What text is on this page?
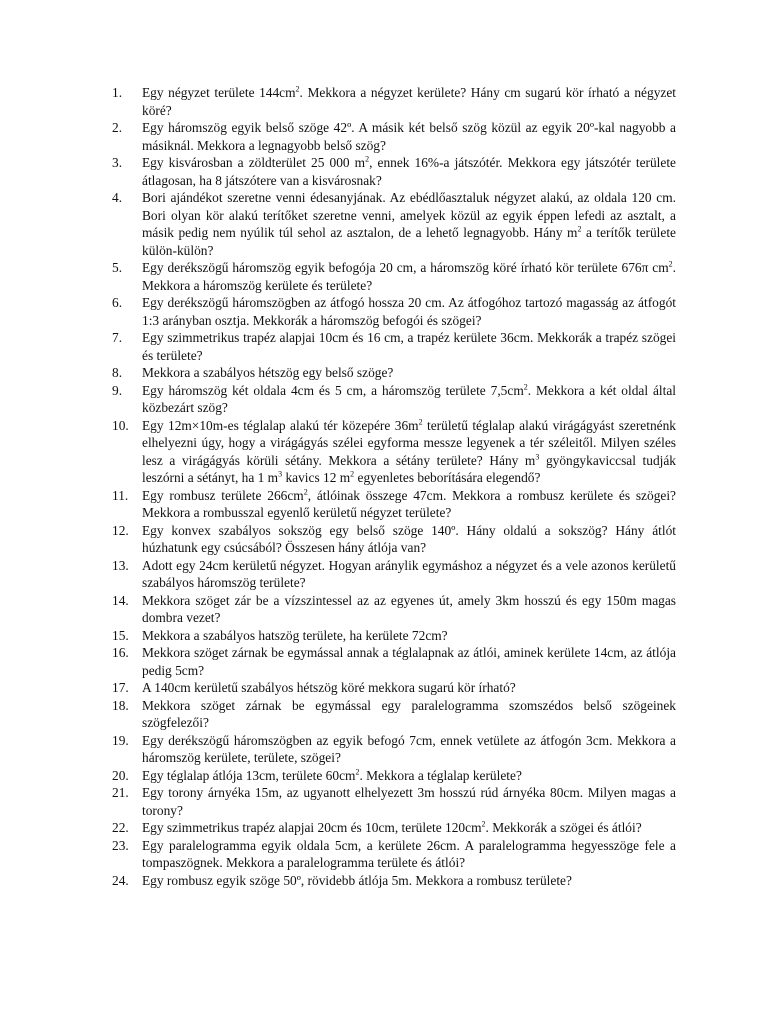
1.	Egy négyzet területe $144cm^2$. Mekkora a négyzet kerülete? Hány cm sugarú kör írható a négyzet köré?
2.	Egy háromszög egyik belső szöge 42º. A másik két belső szög közül az egyik 20º-kal nagyobb a másiknál. Mekkora a legnagyobb belső szög?
3.	Egy kisvárosban a zöldterület 25 000 $m^2$, ennek 16%-a játszótér. Mekkora egy játszótér területe átlagosan, ha 8 játszótere van a kisvárosnak?
4.	Bori ajándékot szeretne venni édesanyjának. Az ebédlőasztaluk négyzet alakú, az oldala 120 cm. Bori olyan kör alakú terítőket szeretne venni, amelyek közül az egyik éppen lefedi az asztalt, a másik pedig nem nyúlik túl sehol az asztalon, de a lehető legnagyobb. Hány $m^2$ a terítők területe külön-külön?
5.	Egy derékszögű háromszög egyik befogója 20 cm, a háromszög köré írható kör területe 676π $cm^2$. Mekkora a háromszög kerülete és területe?
6.	Egy derékszögű háromszögben az átfogó hossza 20 cm. Az átfogóhoz tartozó magasság az átfogót 1:3 arányban osztja. Mekkorák a háromszög befogói és szögei?
7.	Egy szimmetrikus trapéz alapjai 10cm és 16 cm, a trapéz kerülete 36cm. Mekkorák a trapéz szögei és területe?
8.	Mekkora a szabályos hétszög egy belső szöge?
9.	Egy háromszög két oldala 4cm és 5 cm, a háromszög területe $7,5cm^2$. Mekkora a két oldal által közbezárt szög?
10. Egy 12m×10m-es téglalap alakú tér közepére $36m^2$ területű téglalap alakú virágágyást szeretnénk elhelyezni úgy, hogy a virágágyás szélei egyforma messze legyenek a tér széleitől. Milyen széles lesz a virágágyás körüli sétány. Mekkora a sétány területe? Hány $m^3$ gyöngykaviccsal tudják leszórni a sétányt, ha 1 $m^3$ kavics 12 $m^2$ egyenletes beborítására elegendő?
11.	Egy rombusz területe $266cm^2$, átlóinak összege 47cm. Mekkora a rombusz kerülete és szögei? Mekkora a rombusszal egyenlő kerületű négyzet területe?
12. Egy konvex szabályos sokszög egy belső szöge 140º. Hány oldalú a sokszög? Hány átlót húzhatunk egy csúcsából? Összesen hány átlója van?
13. Adott egy 24cm kerületű négyzet. Hogyan aránylik egymáshoz a négyzet és a vele azonos kerületű szabályos háromszög területe?
14. Mekkora szöget zár be a vízszintessel az az egyenes út, amely 3km hosszú és egy 150m magas dombra vezet?
15. Mekkora a szabályos hatszög területe, ha kerülete 72cm?
16. Mekkora szöget zárnak be egymással annak a téglalapnak az átlói, aminek kerülete 14cm, az átlója pedig 5cm?
17. A 140cm kerületű szabályos hétszög köré mekkora sugarú kör írható?
18. Mekkora szöget zárnak be egymással egy paralelogramma szomszédos belső szögeinek szögfelezői?
19. Egy derékszögű háromszögben az egyik befogó 7cm, ennek vetülete az átfogón 3cm. Mekkora a háromszög kerülete, területe, szögei?
20. Egy téglalap átlója 13cm, területe $60cm^2$. Mekkora a téglalap kerülete?
21. Egy torony árnyéka 15m, az ugyanott elhelyezett 3m hosszú rúd árnyéka 80cm. Milyen magas a torony?
22. Egy szimmetrikus trapéz alapjai 20cm és 10cm, területe $120cm^2$. Mekkorák a szögei és átlói?
23. Egy paralelogramma egyik oldala 5cm, a kerülete 26cm. A paralelogramma hegyesszöge fele a tompaszögnek. Mekkora a paralelogramma területe és átlói?
24. Egy rombusz egyik szöge 50º, rövidebb átlója 5m. Mekkora a rombusz területe?
